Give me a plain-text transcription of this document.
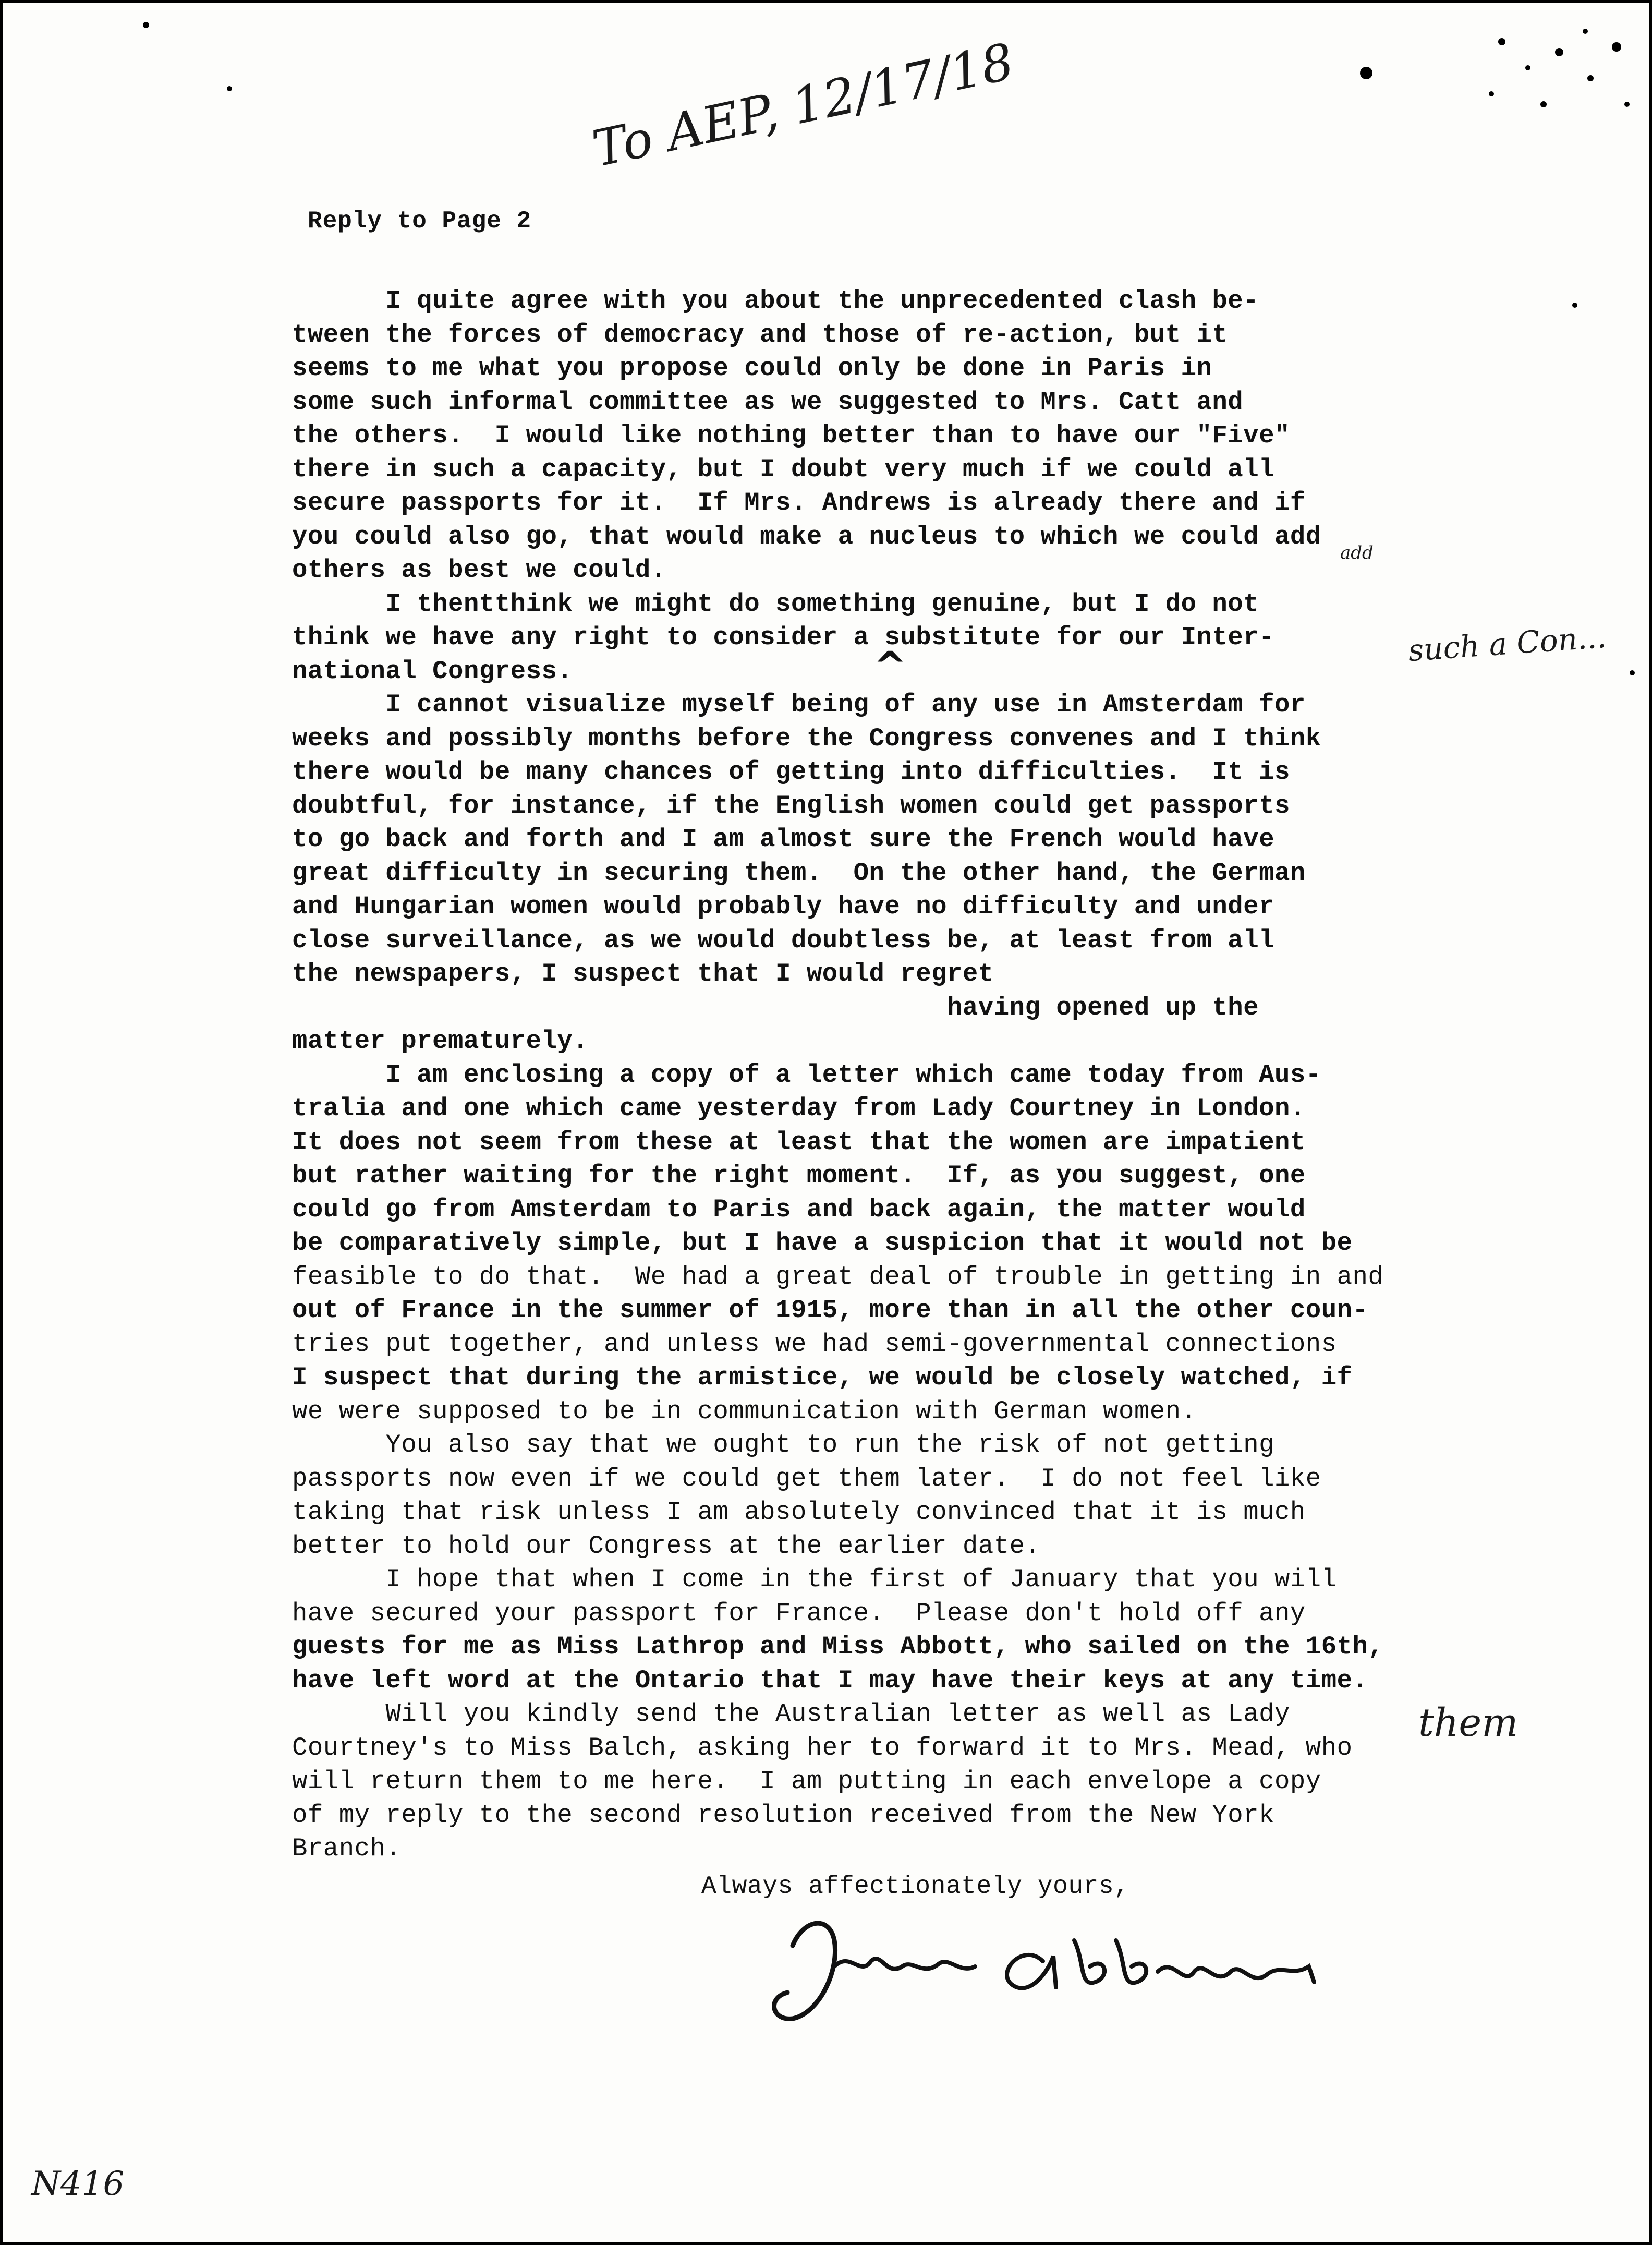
Reply to Page 2
To AEP, 12/17/18
add
^	such a Con...
them
I quite agree with you about the unprecedented clash be-
tween the forces of democracy and those of re-action, but it
seems to me what you propose could only be done in Paris in
some such informal committee as we suggested to Mrs. Catt and
the others.  I would like nothing better than to have our "Five"
there in such a capacity, but I doubt very much if we could all
secure passports for it.  If Mrs. Andrews is already there and if
you could also go, that would make a nucleus to which we could add
others as best we could.
I thentthink we might do something genuine, but I do not
think we have any right to consider a substitute for our Inter-
national Congress.
I cannot visualize myself being of any use in Amsterdam for
weeks and possibly months before the Congress convenes and I think
there would be many chances of getting into difficulties.  It is
doubtful, for instance, if the English women could get passports
to go back and forth and I am almost sure the French would have
great difficulty in securing them.  On the other hand, the German
and Hungarian women would probably have no difficulty and under
close surveillance, as we would doubtless be, at least from all
the newspapers, I suspect that I would regret
having opened up the
matter prematurely.
I am enclosing a copy of a letter which came today from Aus-
tralia and one which came yesterday from Lady Courtney in London.
It does not seem from these at least that the women are impatient
but rather waiting for the right moment.  If, as you suggest, one
could go from Amsterdam to Paris and back again, the matter would
be comparatively simple, but I have a suspicion that it would not be
feasible to do that.  We had a great deal of trouble in getting in and
out of France in the summer of 1915, more than in all the other coun-
tries put together, and unless we had semi-governmental connections
I suspect that during the armistice, we would be closely watched, if
we were supposed to be in communication with German women.
You also say that we ought to run the risk of not getting
passports now even if we could get them later.  I do not feel like
taking that risk unless I am absolutely convinced that it is much
better to hold our Congress at the earlier date.
I hope that when I come in the first of January that you will
have secured your passport for France.  Please don't hold off any
guests for me as Miss Lathrop and Miss Abbott, who sailed on the 16th,
have left word at the Ontario that I may have their keys at any time.
Will you kindly send the Australian letter as well as Lady
Courtney's to Miss Balch, asking her to forward it to Mrs. Mead, who
will return them to me here.  I am putting in each envelope a copy
of my reply to the second resolution received from the New York
Branch.
Always affectionately yours,
N416
